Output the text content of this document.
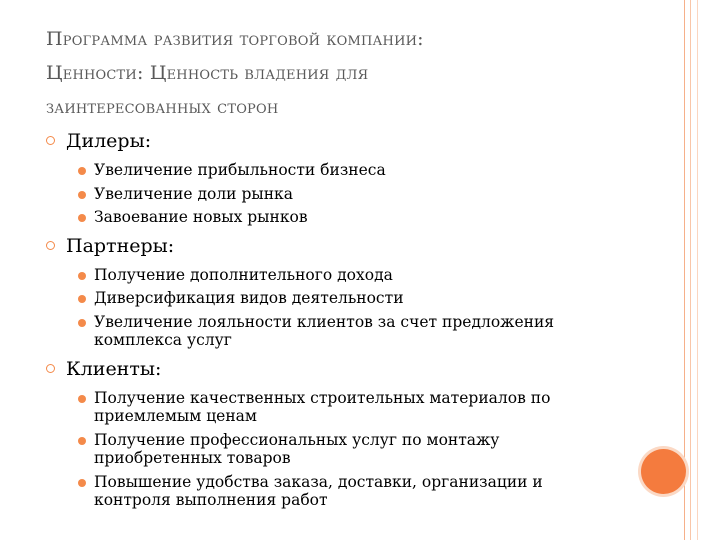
Программа развития торговой компании:
Ценности: Ценность владения для
заинтересованных сторон
Дилеры:
Увеличение прибыльности бизнеса
Увеличение доли рынка
Завоевание новых рынков
Партнеры:
Получение дополнительного дохода
Диверсификация видов деятельности
Увеличение лояльности клиентов за счет предложения комплекса услуг
Клиенты:
Получение качественных строительных материалов по приемлемым ценам
Получение профессиональных услуг по монтажу приобретенных товаров
Повышение удобства заказа, доставки, организации и контроля выполнения работ
